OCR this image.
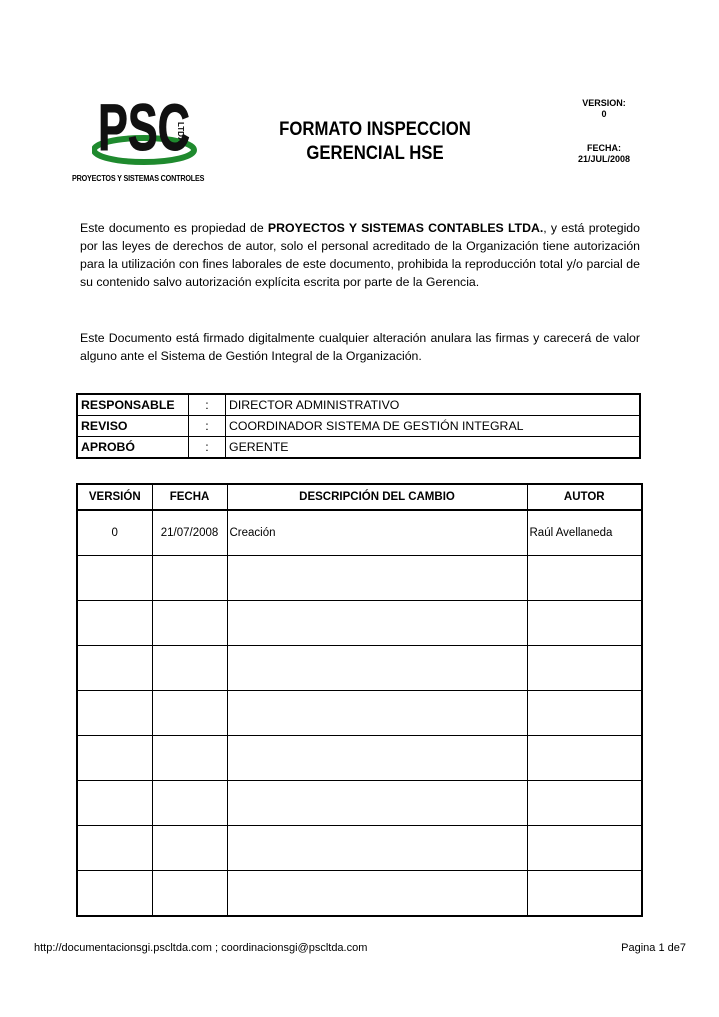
PSC
LTDA
PROYECTOS Y SISTEMAS CONTROLES
FORMATO INSPECCION
GERENCIAL HSE
VERSION:
0
FECHA:
21/JUL/2008
Este documento es propiedad de PROYECTOS Y SISTEMAS CONTABLES LTDA., y está protegido por las leyes de derechos de autor, solo el personal acreditado de la Organización tiene autorización para la utilización con fines laborales de este documento, prohibida la reproducción total y/o parcial de su contenido salvo autorización explícita escrita por parte de la Gerencia.
Este Documento está firmado digitalmente cualquier alteración anulara las firmas y carecerá de valor alguno ante el Sistema de Gestión Integral de la Organización.
RESPONSABLE	:	DIRECTOR ADMINISTRATIVO
REVISO	:	COORDINADOR SISTEMA DE GESTIÓN INTEGRAL
APROBÓ	:	GERENTE
VERSIÓN	FECHA	DESCRIPCIÓN DEL CAMBIO	AUTOR
0	21/07/2008	Creación	Raúl Avellaneda

http://documentacionsgi.pscltda.com ; coordinacionsgi@pscltda.com	Pagina 1 de7
